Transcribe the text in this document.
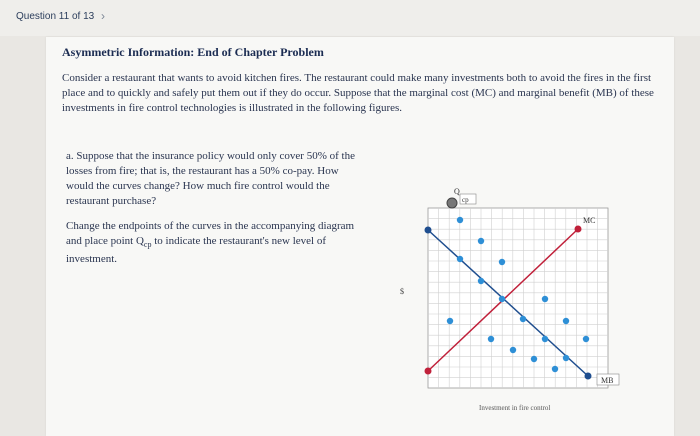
Question 11 of 13 ›
Asymmetric Information: End of Chapter Problem
Consider a restaurant that wants to avoid kitchen fires. The restaurant could make many investments both to avoid the fires in the first place and to quickly and safely put them out if they do occur. Suppose that the marginal cost (MC) and marginal benefit (MB) of these investments in fire control technologies is illustrated in the following figures.
a. Suppose that the insurance policy would only cover 50% of the losses from fire; that is, the restaurant has a 50% co-pay. How would the curves change? How much fire control would the restaurant purchase?
Change the endpoints of the curves in the accompanying diagram and place point $Q_{cp}$ to indicate the restaurant's new level of investment.
Q
cp
MC
MB
$
Investment in fire control
